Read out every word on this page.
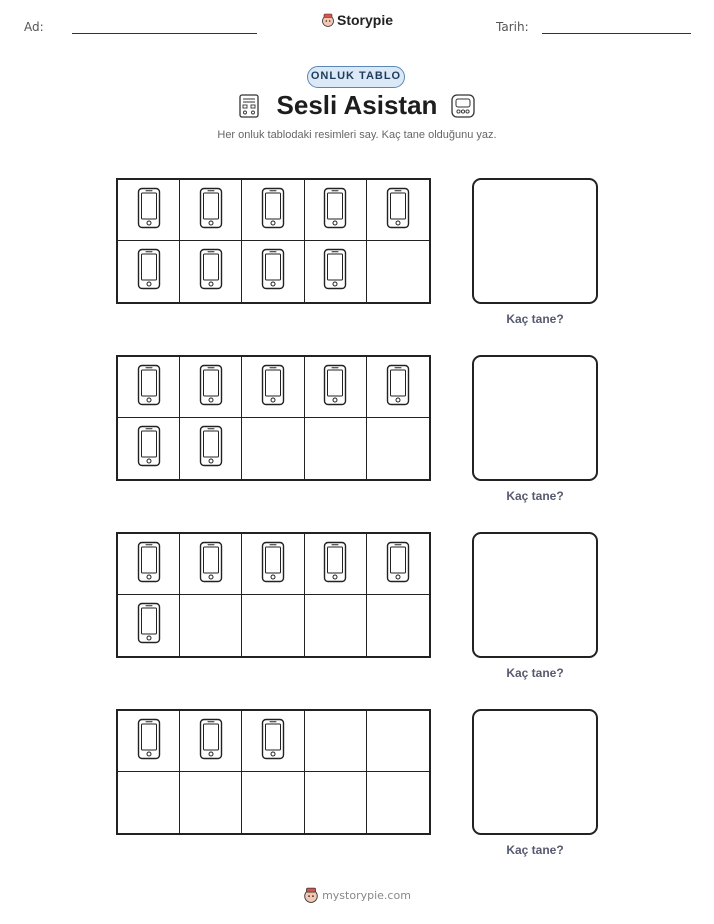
Ad:	Storypie	Tarih:
ONLUK TABLO
Sesli Asistan
Her onluk tablodaki resimleri say. Kaç tane olduğunu yaz.
Kaç tane?
Kaç tane?
Kaç tane?
Kaç tane?
mystorypie.com
